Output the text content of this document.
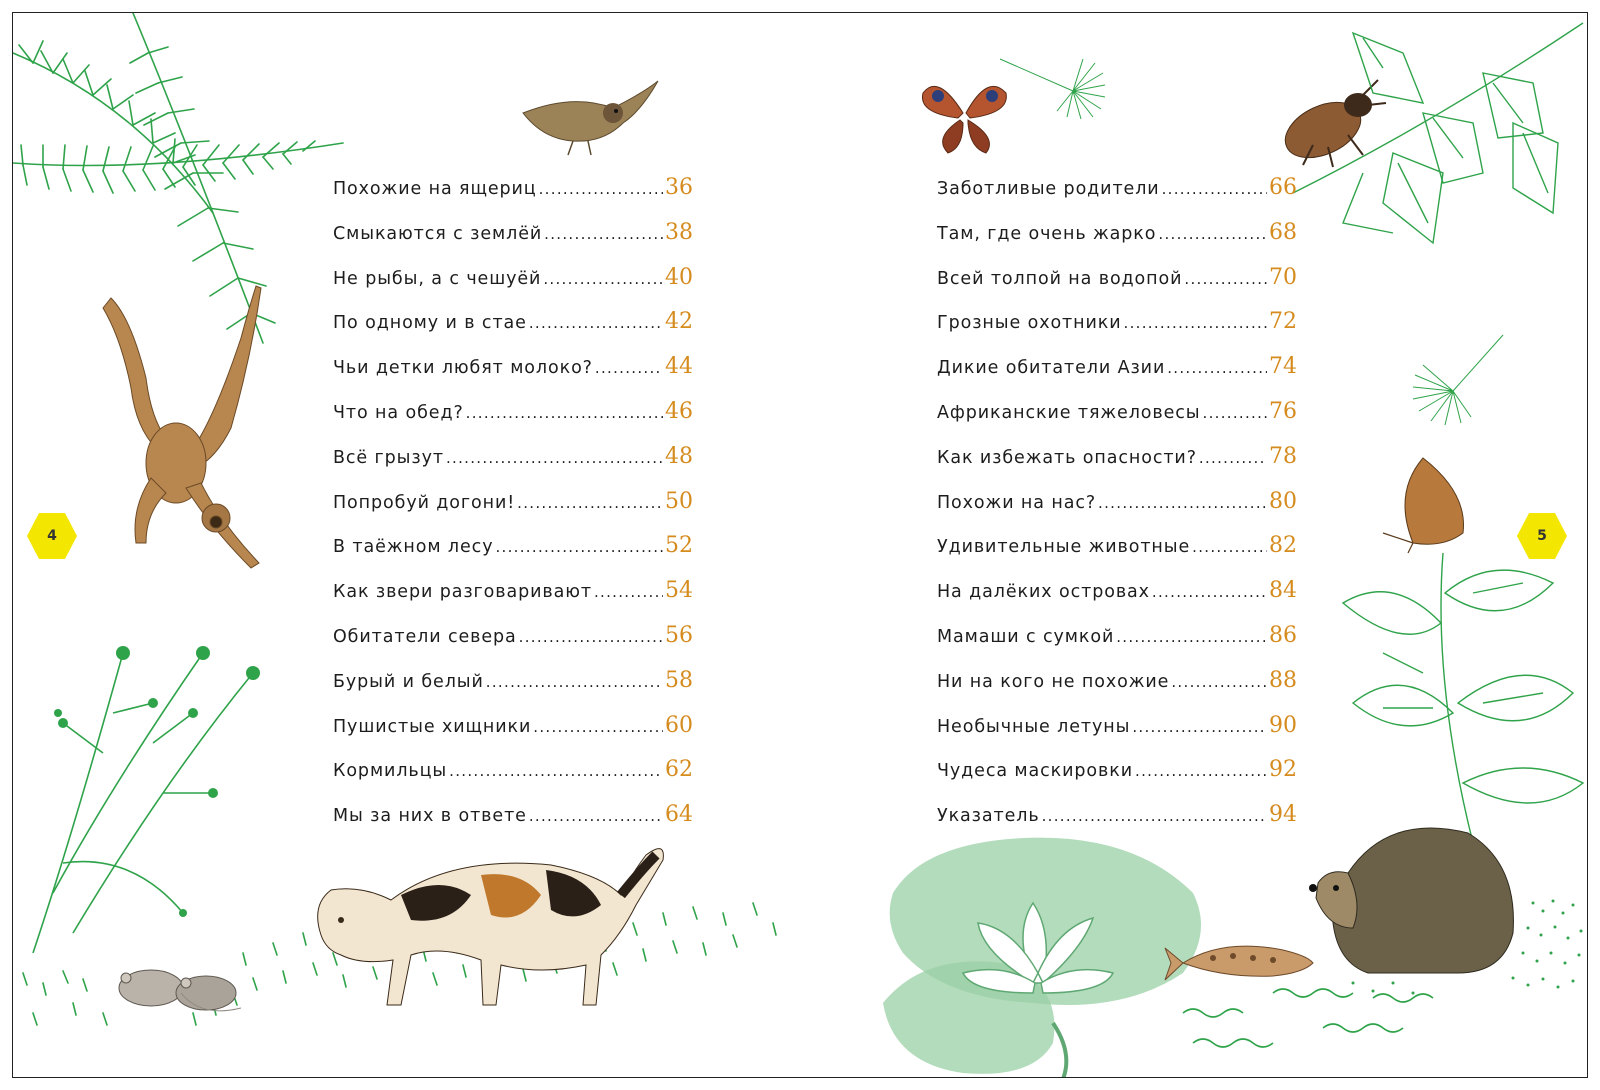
4	5
Похожие на ящериц .....	36
Смыкаются с землёй .....	38
Не рыбы, а с чешуёй .....	40
По одному и в стае .....	42
Чьи детки любят молоко? .....	44
Что на обед? .....	46
Всё грызут .....	48
Попробуй догони! .....	50
В таёжном лесу .....	52
Как звери разговаривают .....	54
Обитатели севера .....	56
Бурый и белый .....	58
Пушистые хищники .....	60
Кормильцы .....	62
Мы за них в ответе .....	64
Заботливые родители .....	66
Там, где очень жарко .....	68
Всей толпой на водопой .....	70
Грозные охотники .....	72
Дикие обитатели Азии .....	74
Африканские тяжеловесы .....	76
Как избежать опасности? .....	78
Похожи на нас? .....	80
Удивительные животные .....	82
На далёких островах .....	84
Мамаши с сумкой .....	86
Ни на кого не похожие .....	88
Необычные летуны .....	90
Чудеса маскировки .....	92
Указатель .....	94
